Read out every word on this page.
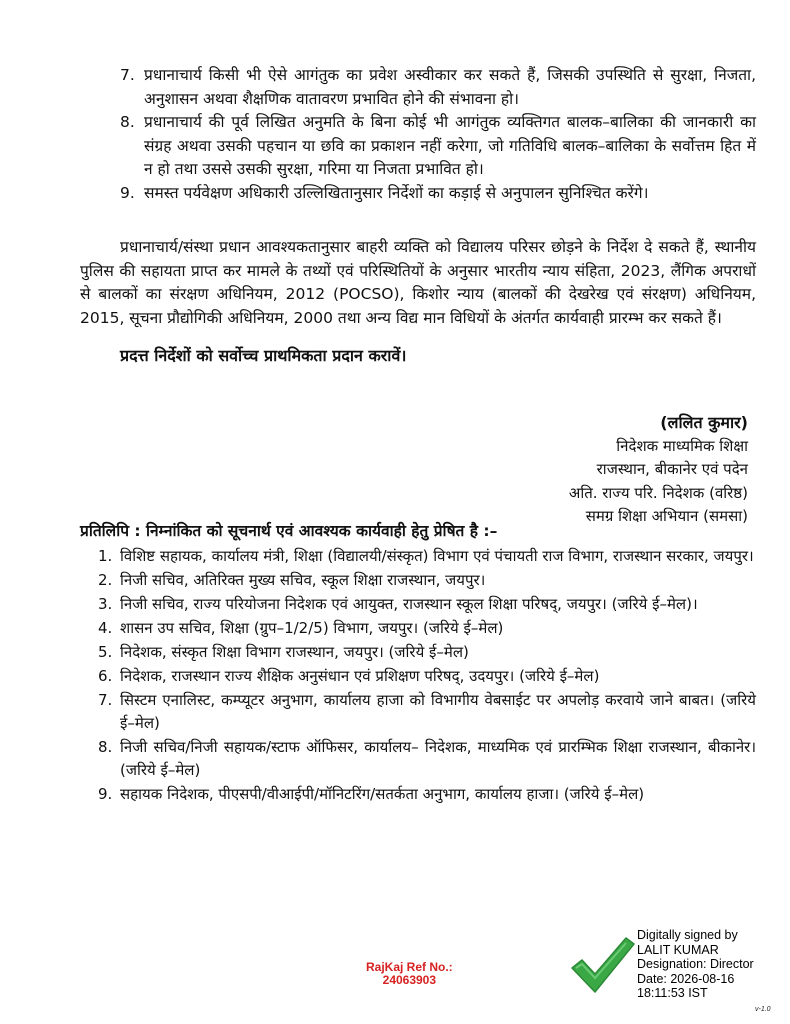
7. प्रधानाचार्य किसी भी ऐसे आगंतुक का प्रवेश अस्वीकार कर सकते हैं, जिसकी उपस्थिति से सुरक्षा, निजता, अनुशासन अथवा शैक्षणिक वातावरण प्रभावित होने की संभावना हो।
8. प्रधानाचार्य की पूर्व लिखित अनुमति के बिना कोई भी आगंतुक व्यक्तिगत बालक–बालिका की जानकारी का संग्रह अथवा उसकी पहचान या छवि का प्रकाशन नहीं करेगा, जो गतिविधि बालक–बालिका के सर्वोत्तम हित में न हो तथा उससे उसकी सुरक्षा, गरिमा या निजता प्रभावित हो।
9. समस्त पर्यवेक्षण अधिकारी उल्लिखितानुसार निर्देशों का कड़ाई से अनुपालन सुनिश्चित करेंगे।

प्रधानाचार्य/संस्था प्रधान आवश्यकतानुसार बाहरी व्यक्ति को विद्यालय परिसर छोड़ने के निर्देश दे सकते हैं, स्थानीय पुलिस की सहायता प्राप्त कर मामले के तथ्यों एवं परिस्थितियों के अनुसार भारतीय न्याय संहिता, 2023, लैंगिक अपराधों से बालकों का संरक्षण अधिनियम, 2012 (POCSO), किशोर न्याय (बालकों की देखरेख एवं संरक्षण) अधिनियम, 2015, सूचना प्रौद्योगिकी अधिनियम, 2000 तथा अन्य विद्य मान विधियों के अंतर्गत कार्यवाही प्रारम्भ कर सकते हैं।

प्रदत्त निर्देशों को सर्वोच्च प्राथमिकता प्रदान करावें।

(ललित कुमार)
निदेशक माध्यमिक शिक्षा
राजस्थान, बीकानेर एवं पदेन
अति. राज्य परि. निदेशक (वरिष्ठ)
समग्र शिक्षा अभियान (समसा)

प्रतिलिपि : निम्नांकित को सूचनार्थ एवं आवश्यक कार्यवाही हेतु प्रेषित है :–

1. विशिष्ट सहायक, कार्यालय मंत्री, शिक्षा (विद्यालयी/संस्कृत) विभाग एवं पंचायती राज विभाग, राजस्थान सरकार, जयपुर।
2. निजी सचिव, अतिरिक्त मुख्य सचिव, स्कूल शिक्षा राजस्थान, जयपुर।
3. निजी सचिव, राज्य परियोजना निदेशक एवं आयुक्त, राजस्थान स्कूल शिक्षा परिषद्, जयपुर। (जरिये ई–मेल)।
4. शासन उप सचिव, शिक्षा (ग्रुप–1/2/5) विभाग, जयपुर। (जरिये ई–मेल)
5. निदेशक, संस्कृत शिक्षा विभाग राजस्थान, जयपुर। (जरिये ई–मेल)
6. निदेशक, राजस्थान राज्य शैक्षिक अनुसंधान एवं प्रशिक्षण परिषद्, उदयपुर। (जरिये ई–मेल)
7. सिस्टम एनालिस्ट, कम्प्यूटर अनुभाग, कार्यालय हाजा को विभागीय वेबसाईट पर अपलोड़ करवाये जाने बाबत। (जरिये ई–मेल)
8. निजी सचिव/निजी सहायक/स्टाफ ऑफिसर, कार्यालय– निदेशक, माध्यमिक एवं प्रारम्भिक शिक्षा राजस्थान, बीकानेर। (जरिये ई–मेल)
9. सहायक निदेशक, पीएसपी/वीआईपी/मॉनिटरिंग/सतर्कता अनुभाग, कार्यालय हाजा। (जरिये ई–मेल)
RajKaj Ref No.:
24063903
Digitally signed by
LALIT KUMAR
Designation: Director
Date: 2026-08-16
18:11:53 IST
v-1.0
